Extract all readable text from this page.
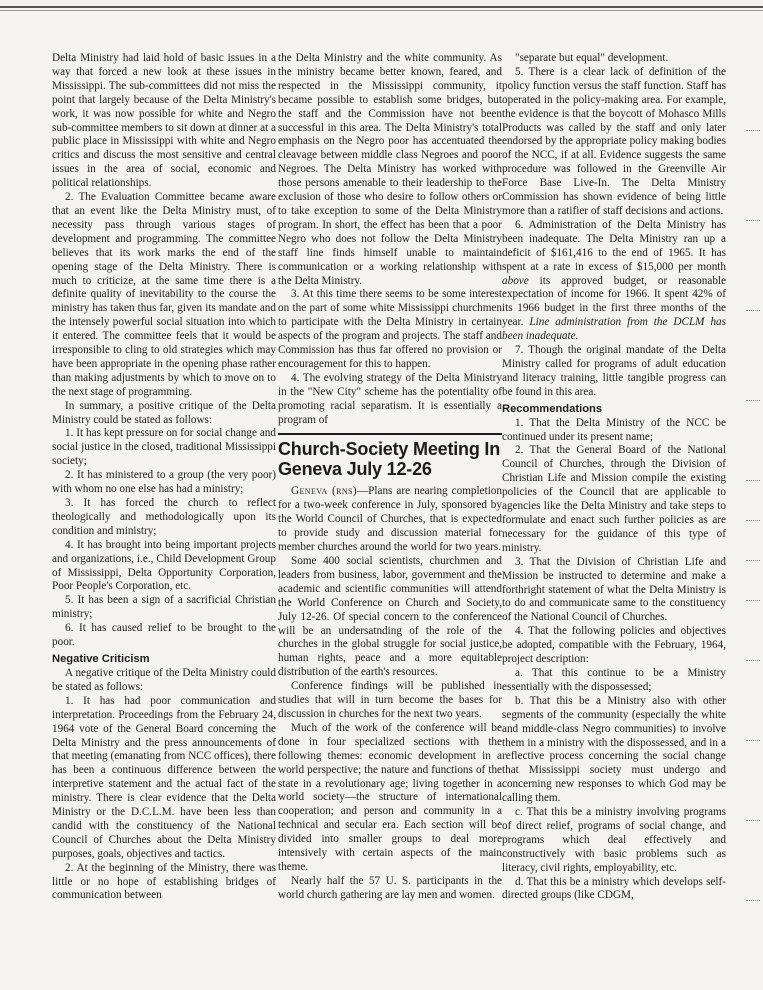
Delta Ministry had laid hold of basic issues in a way that forced a new look at these issues in Mississippi. The sub-committees did not miss the point that largely because of the Delta Ministry's work, it was now possible for white and Negro sub-committee members to sit down at dinner at a public place in Mississippi with white and Negro critics and discuss the most sensitive and central issues in the area of social, economic and political relationships.

2. The Evaluation Committee became aware that an event like the Delta Ministry must, of necessity pass through various stages of development and programming. The committee believes that its work marks the end of the opening stage of the Delta Ministry. There is much to criticize, at the same time there is a definite quality of inevitability to the course the ministry has taken thus far, given its mandate and the intensely powerful social situation into which it entered. The committee feels that it would be irresponsible to cling to old strategies which may have been appropriate in the opening phase rather than making adjustments by which to move on to the next stage of programming.

In summary, a positive critique of the Delta Ministry could be stated as follows:

1. It has kept pressure on for social change and social justice in the closed, traditional Mississippi society;

2. It has ministered to a group (the very poor) with whom no one else has had a ministry;

3. It has forced the church to reflect theologically and methodologically upon its condition and ministry;

4. It has brought into being important projects and organizations, i.e., Child Development Group of Mississippi, Delta Opportunity Corporation, Poor People's Corporation, etc.

5. It has been a sign of a sacrificial Christian ministry;

6. It has caused relief to be brought to the poor.

Negative Criticism

A negative critique of the Delta Ministry could be stated as follows:

1. It has had poor communication and interpretation. Proceedings from the February 24, 1964 vote of the General Board concerning the Delta Ministry and the press announcements of that meeting (emanating from NCC offices), there has been a continuous difference between the interpretive statement and the actual fact of the ministry. There is clear evidence that the Delta Ministry or the D.C.L.M. have been less than candid with the constituency of the National Council of Churches about the Delta Ministry purposes, goals, objectives and tactics.

2. At the beginning of the Ministry, there was little or no hope of establishing bridges of communication between

the Delta Ministry and the white community. As the ministry became better known, feared, and respected in the Mississippi community, it became possible to establish some bridges, but the staff and the Commission have not been successful in this area. The Delta Ministry's total emphasis on the Negro poor has accentuated the cleavage between middle class Negroes and poor Negroes. The Delta Ministry has worked with those persons amenable to their leadership to the exclusion of those who desire to follow others or to take exception to some of the Delta Ministry program. In short, the effect has been that a poor Negro who does not follow the Delta Ministry staff line finds himself unable to maintain communication or a working relationship with the Delta Ministry.

3. At this time there seems to be some interest on the part of some white Mississippi churchmen to participate with the Delta Ministry in certain aspects of the program and projects. The staff and Commission has thus far offered no provision or encouragement for this to happen.

4. The evolving strategy of the Delta Ministry in the "New City" scheme has the potentiality of promoting racial separatism. It is essentially a program of

Church-Society Meeting In Geneva July 12-26

Geneva (rns)—Plans are nearing completion for a two-week conference in July, sponsored by the World Council of Churches, that is expected to provide study and discussion material for member churches around the world for two years.

Some 400 social scientists, churchmen and leaders from business, labor, government and the academic and scientific communities will attend the World Conference on Church and Society, July 12-26. Of special concern to the conference will be an undersatnding of the role of the churches in the global struggle for social justice, human rights, peace and a more equitable distribution of the earth's resources.

Conference findings will be published in studies that will in turn become the bases for discussion in churches for the next two years.

Much of the work of the conference will be done in four specialized sections with the following themes: economic development in a world perspective; the nature and functions of the state in a revolutionary age; living together in a world society—the structure of international cooperation; and person and community in a technical and secular era. Each section will be divided into smaller groups to deal more intensively with certain aspects of the main theme.

Nearly half the 57 U. S. participants in the world church gathering are lay men and women.

"separate but equal" development.

5. There is a clear lack of definition of the policy function versus the staff function. Staff has operated in the policy-making area. For example, the evidence is that the boycott of Mohasco Mills Products was called by the staff and only later endorsed by the appropriate policy making bodies of the NCC, if at all. Evidence suggests the same procedure was followed in the Greenville Air Force Base Live-In. The Delta Ministry Commission has shown evidence of being little more than a ratifier of staff decisions and actions.

6. Administration of the Delta Ministry has been inadequate. The Delta Ministry ran up a deficit of $161,416 to the end of 1965. It has spent at a rate in excess of $15,000 per month above its approved budget, or reasonable expectation of income for 1966. It spent 42% of its 1966 budget in the first three months of the year. Line administration from the DCLM has been inadequate.

7. Though the original mandate of the Delta Ministry called for programs of adult education and literacy training, little tangible progress can be found in this area.

Recommendations

1. That the Delta Ministry of the NCC be continued under its present name;

2. That the General Board of the National Council of Churches, through the Division of Christian Life and Mission compile the existing policies of the Council that are applicable to agencies like the Delta Ministry and take steps to formulate and enact such further policies as are necessary for the guidance of this type of ministry.

3. That the Division of Christian Life and Mission be instructed to determine and make a forthright statement of what the Delta Ministry is to do and communicate same to the constituency of the National Council of Churches.

4. That the following policies and objectives be adopted, compatible with the February, 1964, project description:

a. That this continue to be a Ministry essentially with the dispossessed;

b. That this be a Ministry also with other segments of the community (especially the white and middle-class Negro communities) to involve them in a ministry with the dispossessed, and in a reflective process concerning the social change that Mississippi society must undergo and concerning new responses to which God may be calling them.

c. That this be a ministry involving programs of direct relief, programs of social change, and programs which deal effectively and constructively with basic problems such as literacy, civil rights, employability, etc.

d. That this be a ministry which develops self-directed groups (like CDGM,
